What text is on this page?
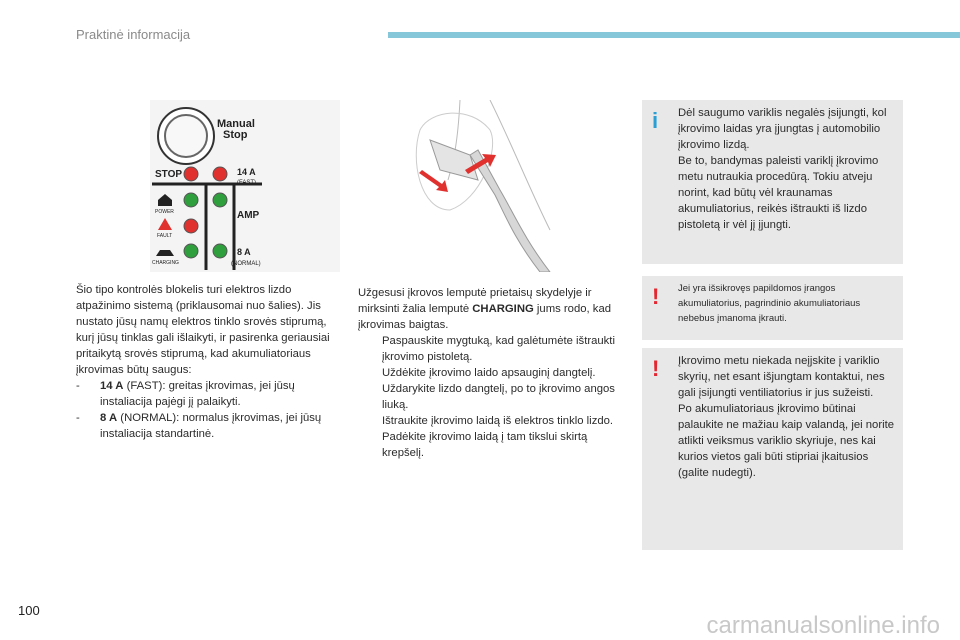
Praktinė informacija
Manual
Stop
STOP	14 A
(FAST)
POWER	AMP
FAULT
8 A
(NORMAL)
CHARGING

Šio tipo kontrolės blokelis turi elektros lizdo atpažinimo sistemą (priklausomai nuo šalies). Jis nustato jūsų namų elektros tinklo srovės stiprumą, kurį jūsų tinklas gali išlaikyti, ir pasirenka geriausiai pritaikytą srovės stiprumą, kad akumuliatoriaus įkrovimas būtų saugus:

- 14 A (FAST): greitas įkrovimas, jei jūsų instaliacija pajėgi jį palaikyti.

- 8 A (NORMAL): normalus įkrovimas, jei jūsų instaliacija standartinė.

Užgesusi įkrovos lemputė prietaisų skydelyje ir mirksinti žalia lemputė CHARGING jums rodo, kad įkrovimas baigtas.

Paspauskite mygtuką, kad galėtumėte ištraukti įkrovimo pistoletą.

Uždėkite įkrovimo laido apsauginį dangtelį.

Uždarykite lizdo dangtelį, po to įkrovimo angos liuką.

Ištraukite įkrovimo laidą iš elektros tinklo lizdo.

Padėkite įkrovimo laidą į tam tikslui skirtą krepšelį.

i Dėl saugumo variklis negalės įsijungti, kol įkrovimo laidas yra įjungtas į automobilio įkrovimo lizdą.
Be to, bandymas paleisti variklį įkrovimo metu nutraukia procedūrą. Tokiu atveju norint, kad būtų vėl kraunamas akumuliatorius, reikės ištraukti iš lizdo pistoletą ir vėl jį įjungti.
! Jei yra išsikrovęs papildomos įrangos akumuliatorius, pagrindinio akumuliatoriaus nebebus įmanoma įkrauti.
! Įkrovimo metu niekada neįjskite į variklio skyrių, net esant išjungtam kontaktui, nes gali įsijungti ventiliatorius ir jus sužeisti.
Po akumuliatoriaus įkrovimo būtinai palaukite ne mažiau kaip valandą, jei norite atlikti veiksmus variklio skyriuje, nes kai kurios vietos gali būti stipriai įkaitusios (galite nudegti).
100
carmanualsonline.info
